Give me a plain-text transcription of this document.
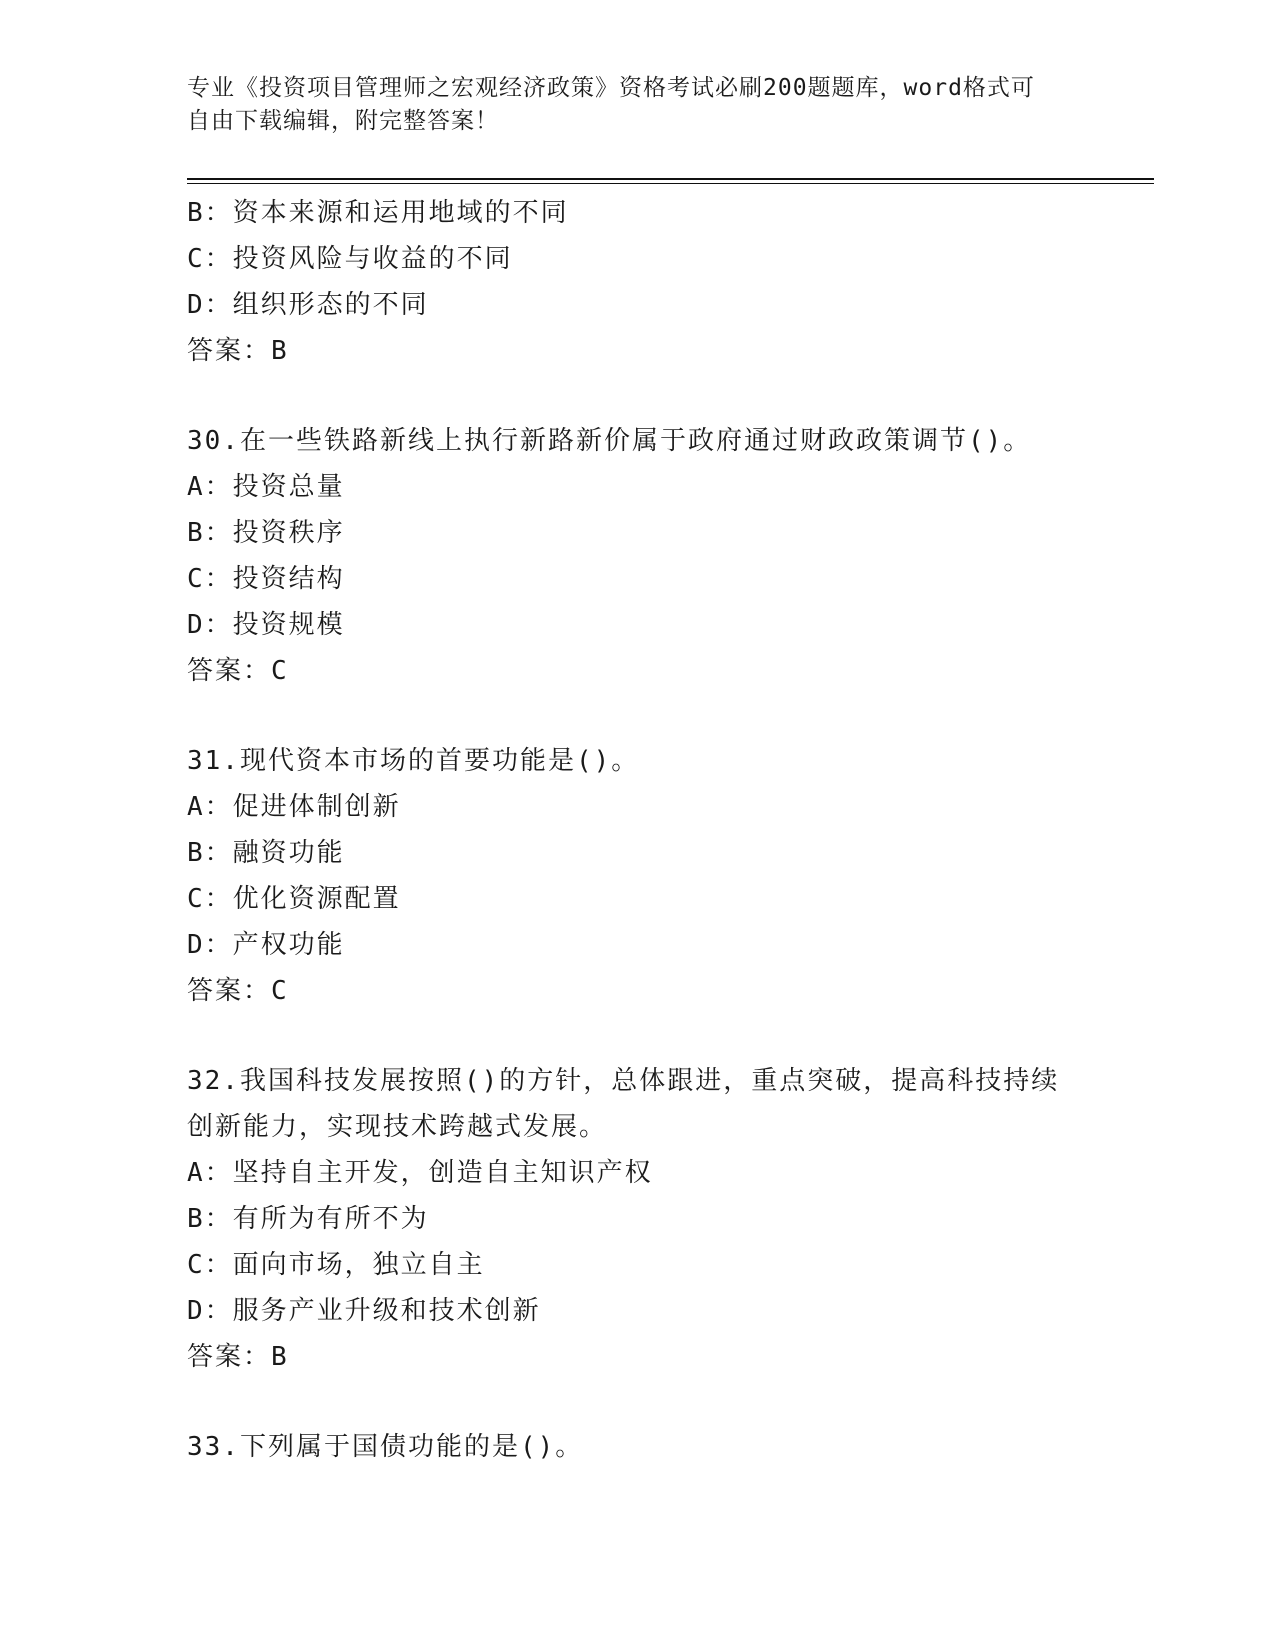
专业《投资项目管理师之宏观经济政策》资格考试必刷200题题库，word格式可
自由下载编辑，附完整答案！
B：资本来源和运用地域的不同
C：投资风险与收益的不同
D：组织形态的不同
答案：B
30.在一些铁路新线上执行新路新价属于政府通过财政政策调节()。
A：投资总量
B：投资秩序
C：投资结构
D：投资规模
答案：C
31.现代资本市场的首要功能是()。
A：促进体制创新
B：融资功能
C：优化资源配置
D：产权功能
答案：C
32.我国科技发展按照()的方针，总体跟进，重点突破，提高科技持续
创新能力，实现技术跨越式发展。
A：坚持自主开发，创造自主知识产权
B：有所为有所不为
C：面向市场，独立自主
D：服务产业升级和技术创新
答案：B
33.下列属于国债功能的是()。
